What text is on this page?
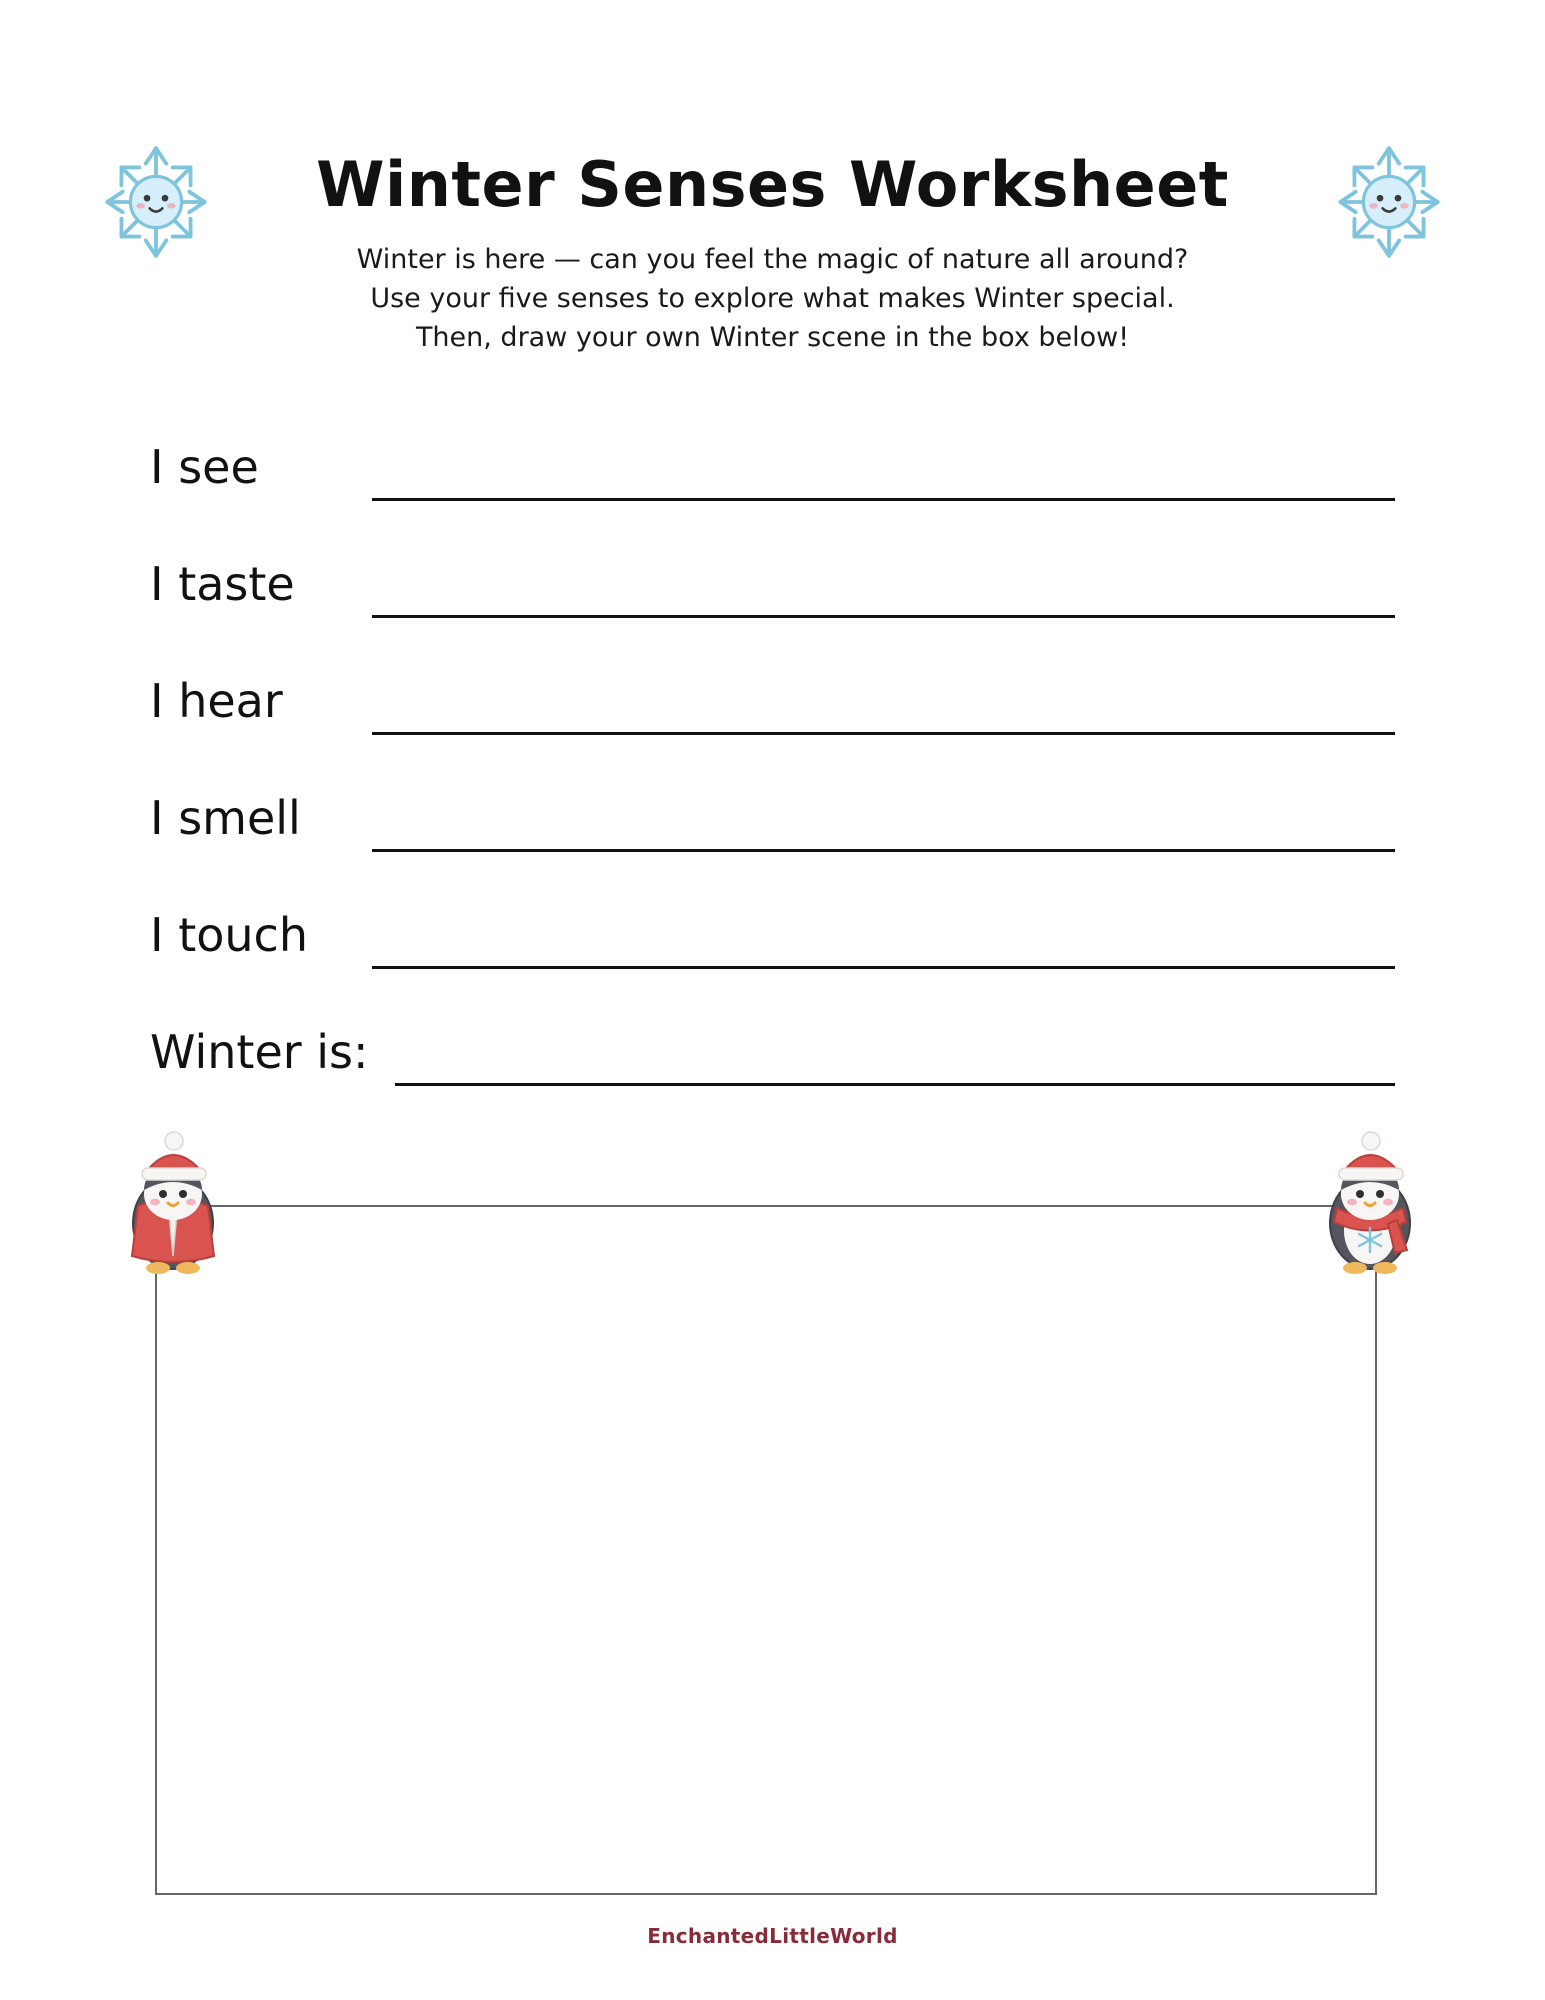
Winter Senses Worksheet
Winter is here — can you feel the magic of nature all around?
Use your five senses to explore what makes Winter special.
Then, draw your own Winter scene in the box below!
I see
I taste
I hear
I smell
I touch
Winter is:
EnchantedLittleWorld
